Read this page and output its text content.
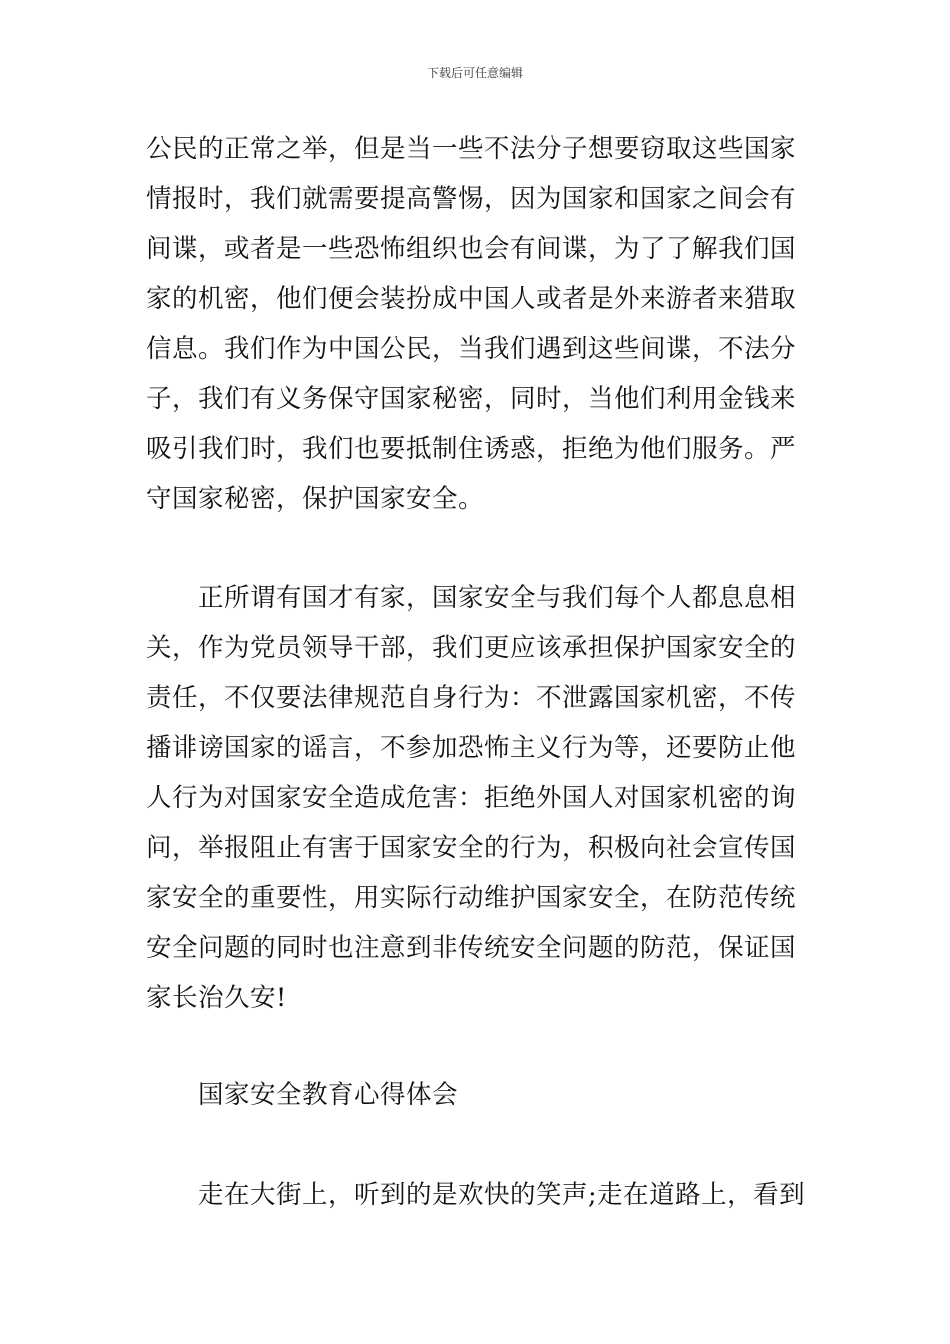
下载后可任意编辑
公民的正常之举，但是当一些不法分子想要窃取这些国家
情报时，我们就需要提高警惕，因为国家和国家之间会有
间谍，或者是一些恐怖组织也会有间谍，为了了解我们国
家的机密，他们便会装扮成中国人或者是外来游者来猎取
信息。我们作为中国公民，当我们遇到这些间谍，不法分
子，我们有义务保守国家秘密，同时，当他们利用金钱来
吸引我们时，我们也要抵制住诱惑，拒绝为他们服务。严
守国家秘密，保护国家安全。
　　正所谓有国才有家，国家安全与我们每个人都息息相
关，作为党员领导干部，我们更应该承担保护国家安全的
责任，不仅要法律规范自身行为：不泄露国家机密，不传
播诽谤国家的谣言，不参加恐怖主义行为等，还要防止他
人行为对国家安全造成危害：拒绝外国人对国家机密的询
问，举报阻止有害于国家安全的行为，积极向社会宣传国
家安全的重要性，用实际行动维护国家安全，在防范传统
安全问题的同时也注意到非传统安全问题的防范，保证国
家长治久安!
　　国家安全教育心得体会
　　走在大街上，听到的是欢快的笑声;走在道路上，看到
